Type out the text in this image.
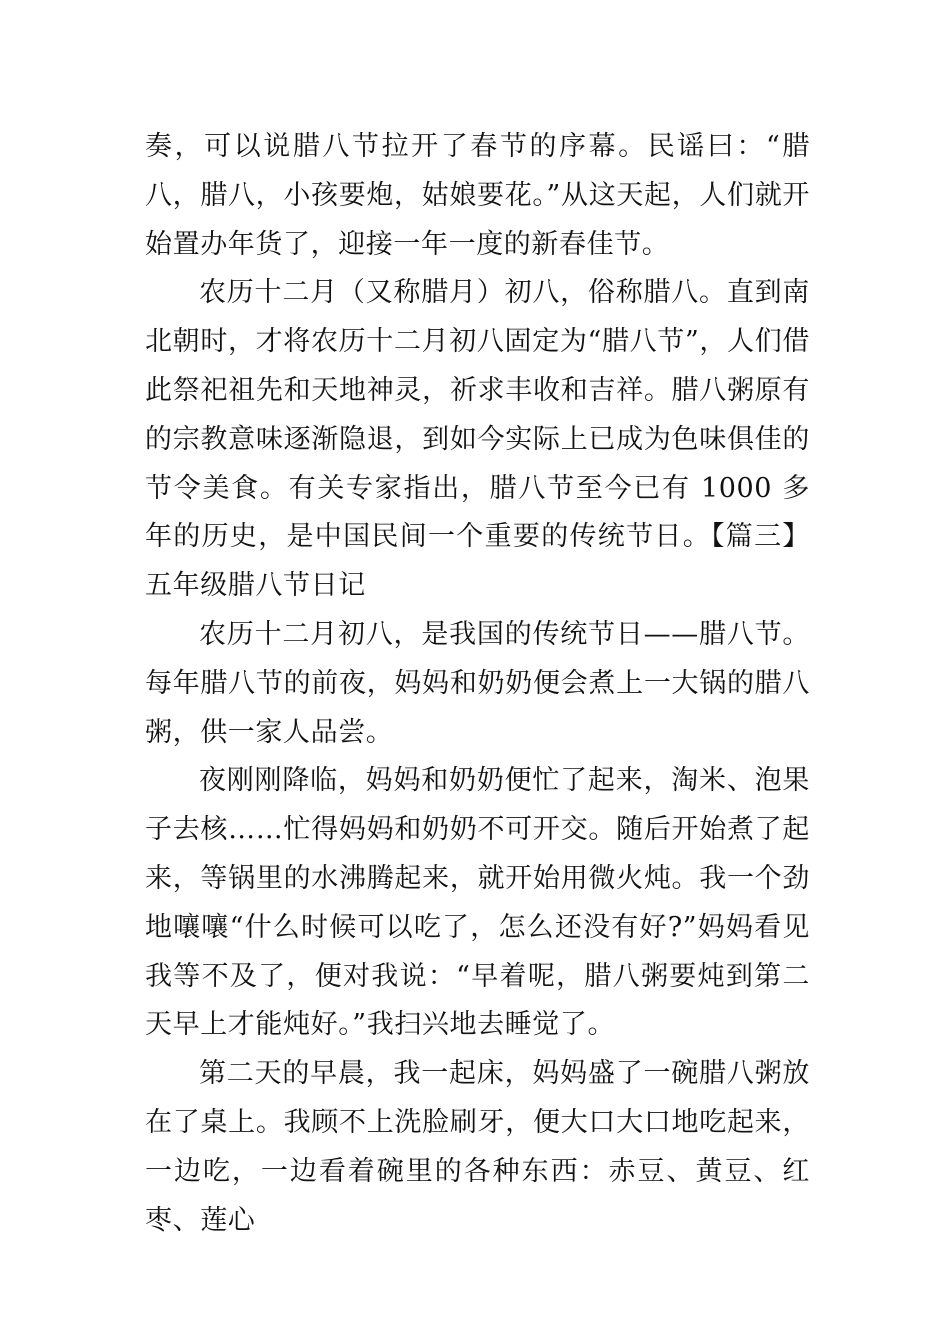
奏，可以说腊八节拉开了春节的序幕。民谣曰：“腊八，腊八，小孩要炮，姑娘要花。”从这天起，人们就开始置办年货了，迎接一年一度的新春佳节。

农历十二月（又称腊月）初八，俗称腊八。直到南北朝时，才将农历十二月初八固定为“腊八节”，人们借此祭祀祖先和天地神灵，祈求丰收和吉祥。腊八粥原有的宗教意味逐渐隐退，到如今实际上已成为色味俱佳的节令美食。有关专家指出，腊八节至今已有 1000 多年的历史，是中国民间一个重要的传统节日。【篇三】五年级腊八节日记

农历十二月初八，是我国的传统节日——腊八节。每年腊八节的前夜，妈妈和奶奶便会煮上一大锅的腊八粥，供一家人品尝。

夜刚刚降临，妈妈和奶奶便忙了起来，淘米、泡果子去核……忙得妈妈和奶奶不可开交。随后开始煮了起来，等锅里的水沸腾起来，就开始用微火炖。我一个劲地嚷嚷“什么时候可以吃了，怎么还没有好?”妈妈看见我等不及了，便对我说：“早着呢，腊八粥要炖到第二天早上才能炖好。”我扫兴地去睡觉了。

第二天的早晨，我一起床，妈妈盛了一碗腊八粥放在了桌上。我顾不上洗脸刷牙，便大口大口地吃起来，一边吃，一边看着碗里的各种东西：赤豆、黄豆、红枣、莲心
